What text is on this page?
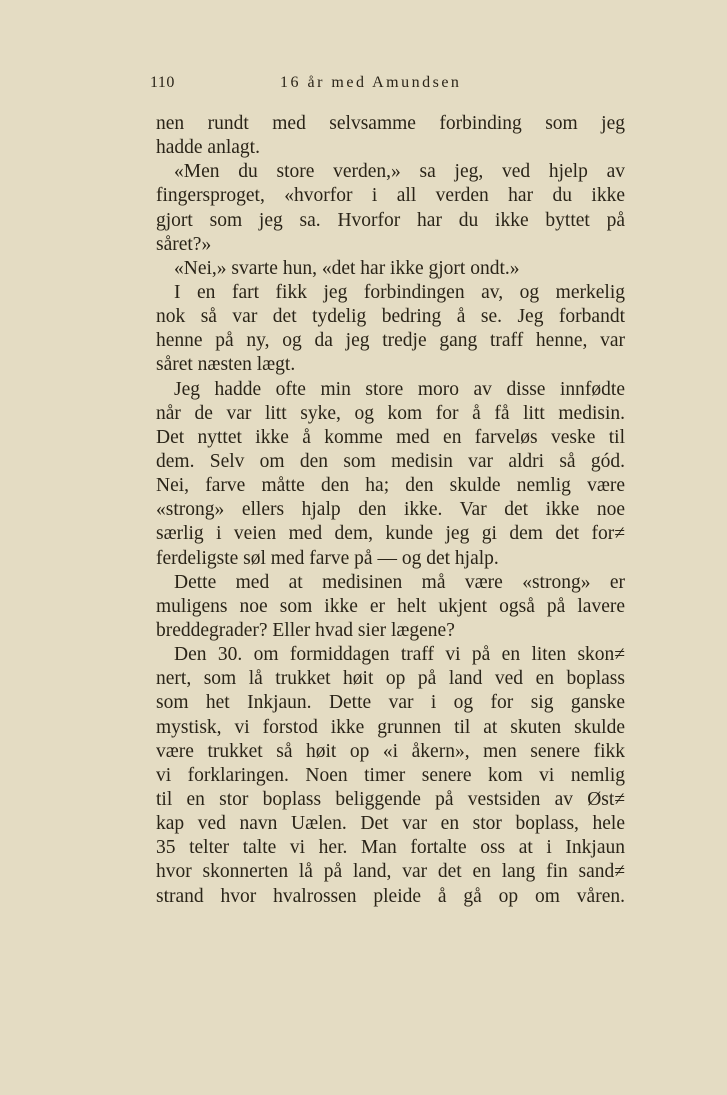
110	16 år med Amundsen
nen rundt med selvsamme forbinding som jeg
hadde anlagt.
«Men du store verden,» sa jeg, ved hjelp av
fingersproget, «hvorfor i all verden har du ikke
gjort som jeg sa. Hvorfor har du ikke byttet på
såret?»
«Nei,» svarte hun, «det har ikke gjort ondt.»
I en fart fikk jeg forbindingen av, og merkelig
nok så var det tydelig bedring å se. Jeg forbandt
henne på ny, og da jeg tredje gang traff henne, var
såret næsten lægt.
Jeg hadde ofte min store moro av disse innfødte
når de var litt syke, og kom for å få litt medisin.
Det nyttet ikke å komme med en farveløs veske til
dem. Selv om den som medisin var aldri så gód.
Nei, farve måtte den ha; den skulde nemlig være
«strong» ellers hjalp den ikke. Var det ikke noe
særlig i veien med dem, kunde jeg gi dem det for≠
ferdeligste søl med farve på — og det hjalp.
Dette med at medisinen må være «strong» er
muligens noe som ikke er helt ukjent også på lavere
breddegrader? Eller hvad sier lægene?
Den 30. om formiddagen traff vi på en liten skon≠
nert, som lå trukket høit op på land ved en boplass
som het Inkjaun. Dette var i og for sig ganske
mystisk, vi forstod ikke grunnen til at skuten skulde
være trukket så høit op «i åkern», men senere fikk
vi forklaringen. Noen timer senere kom vi nemlig
til en stor boplass beliggende på vestsiden av Øst≠
kap ved navn Uælen. Det var en stor boplass, hele
35 telter talte vi her. Man fortalte oss at i Inkjaun
hvor skonnerten lå på land, var det en lang fin sand≠
strand hvor hvalrossen pleide å gå op om våren.
